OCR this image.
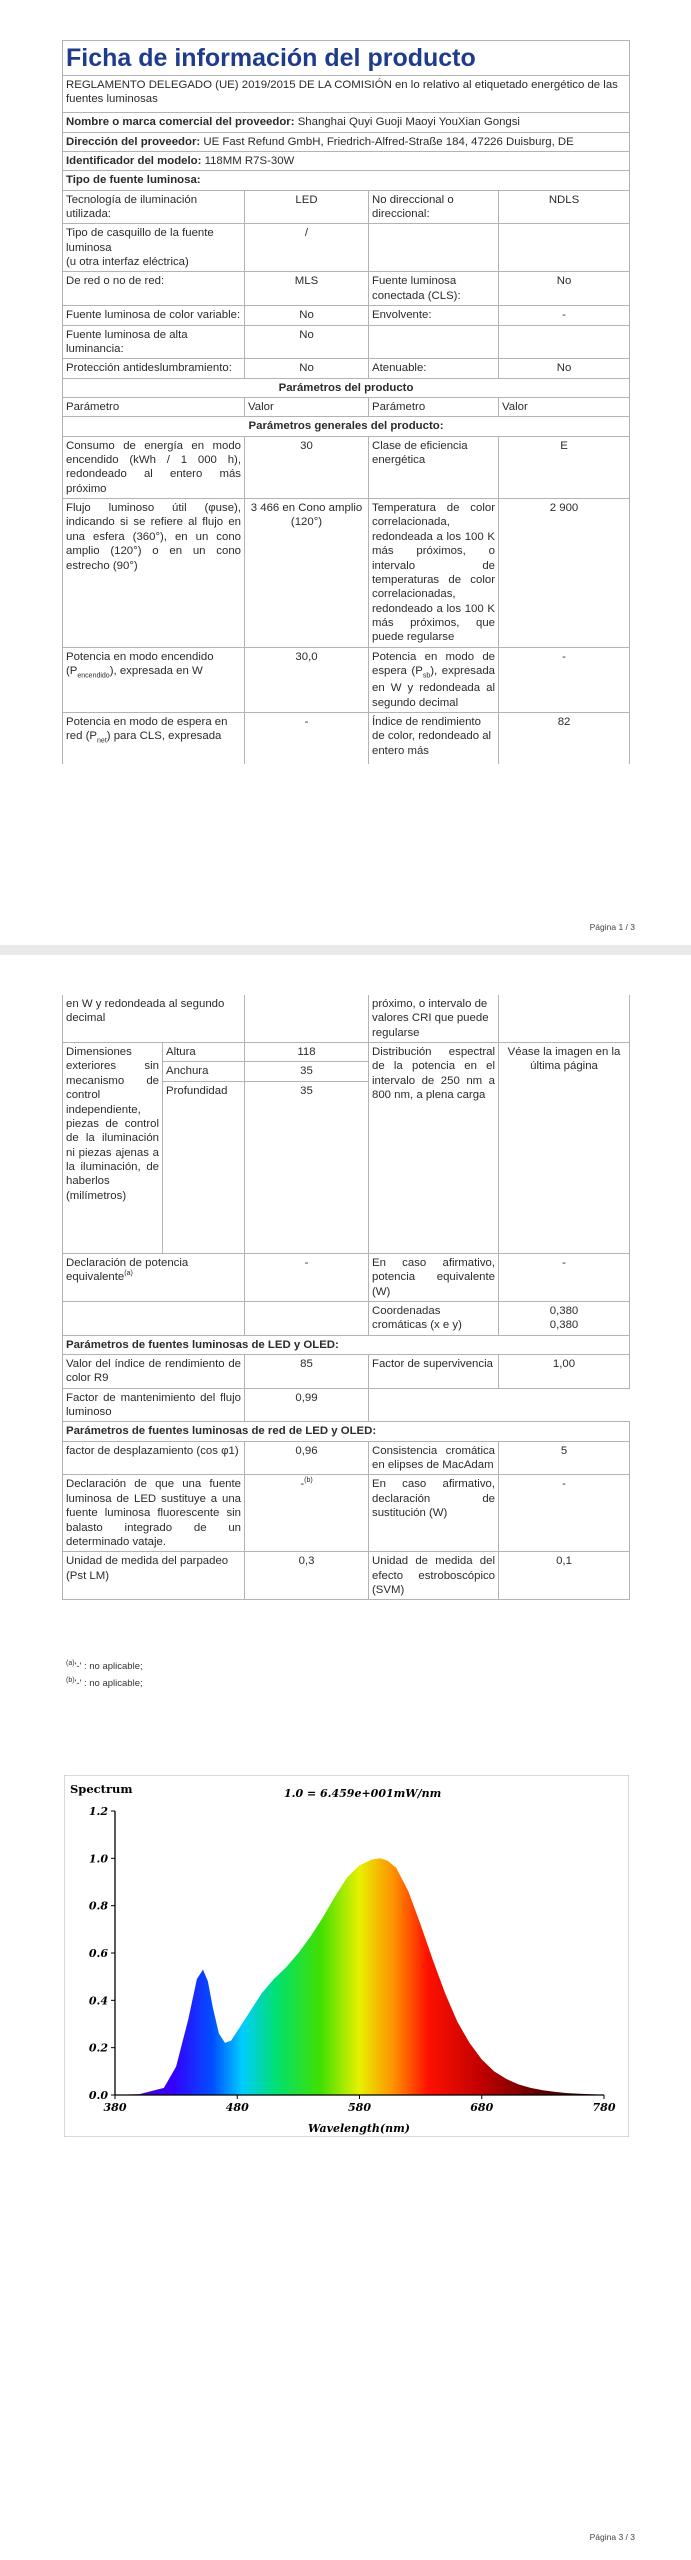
Ficha de información del producto			
REGLAMENTO DELEGADO (UE) 2019/2015 DE LA COMISIÓN en lo relativo al etiquetado energético de las fuentes luminosas			
Nombre o marca comercial del proveedor: Shanghai Quyi Guoji Maoyi YouXian Gongsi			
Dirección del proveedor: UE Fast Refund GmbH, Friedrich-Alfred-Straße 184, 47226 Duisburg, DE			
Identificador del modelo: 118MM R7S-30W			
Tipo de fuente luminosa:			
Tecnología de iluminación utilizada:	LED	No direccional o direccional:	NDLS

Tipo de casquillo de la fuente luminosa
(u otra interfaz eléctrica)	/		
De red o no de red:	MLS	Fuente luminosa conectada (CLS):	No
Fuente luminosa de color variable:	No	Envolvente:	-
Fuente luminosa de alta luminancia:	No		
Protección antideslumbramiento:	No	Atenuable:	No
Parámetros del producto			
Parámetro	Valor	Parámetro	Valor
Parámetros generales del producto:			
Consumo de energía en modo encendido (kWh / 1 000 h), redondeado al entero más próximo	30	Clase de eficiencia energética	E
Flujo luminoso útil (φuse), indicando si se refiere al flujo en una esfera (360°), en un cono amplio (120°) o en un cono estrecho (90°)	3 466 en Cono amplio (120°)	Temperatura de color correlacionada, redondeada a los 100 K más próximos, o intervalo de temperaturas de color correlacionadas, redondeado a los 100 K más próximos, que puede regularse	2 900
Potencia en modo encendido $(P_{encendido})$, expresada en W	30,0	Potencia en modo de espera $(P_{sb})$, expresada en W y redondeada al segundo decimal	-
Potencia en modo de espera en red $(P_{net})$ para CLS, expresada	-	Índice de rendimiento de color, redondeado al entero más	82
Página 1 / 3
en W y redondeada al segundo decimal			próximo, o intervalo de valores CRI que puede regularse	
Dimensiones exteriores sin mecanismo de control independiente, piezas de control de la iluminación ni piezas ajenas a la iluminación, de haberlos (milímetros)	Altura	118	Distribución espectral de la potencia en el intervalo de 250 nm a 800 nm, a plena carga	Véase la imagen en la última página
	Anchura	35		
	Profundidad	35		
Declaración de potencia equivalente$^{(a)}$		-	En caso afirmativo, potencia equivalente (W)	-
			Coordenadas cromáticas (x e y)	0,380
0,380

Parámetros de fuentes luminosas de LED y OLED:				
Valor del índice de rendimiento de color R9		85	Factor de supervivencia	1,00
Factor de mantenimiento del flujo luminoso		0,99		
Parámetros de fuentes luminosas de red de LED y OLED:				
factor de desplazamiento (cos φ1)		0,96	Consistencia cromática en elipses de MacAdam	5
Declaración de que una fuente luminosa de LED sustituye a una fuente luminosa fluorescente sin balasto integrado de un determinado vataje.		-$^{(b)}$	En caso afirmativo, declaración de sustitución (W)	-
Unidad de medida del parpadeo (Pst LM)		0,3	Unidad de medida del efecto estroboscópico (SVM)	0,1
$^{(a)}$'-' : no aplicable;
$^{(b)}$'-' : no aplicable;
Página 3 / 3
Spectrum	1.0 = 6.459e+001mW/nm
0.0
0.2
0.4
0.6
0.8
1.0
1.2
380	480	580	680	780
Wavelength(nm)
